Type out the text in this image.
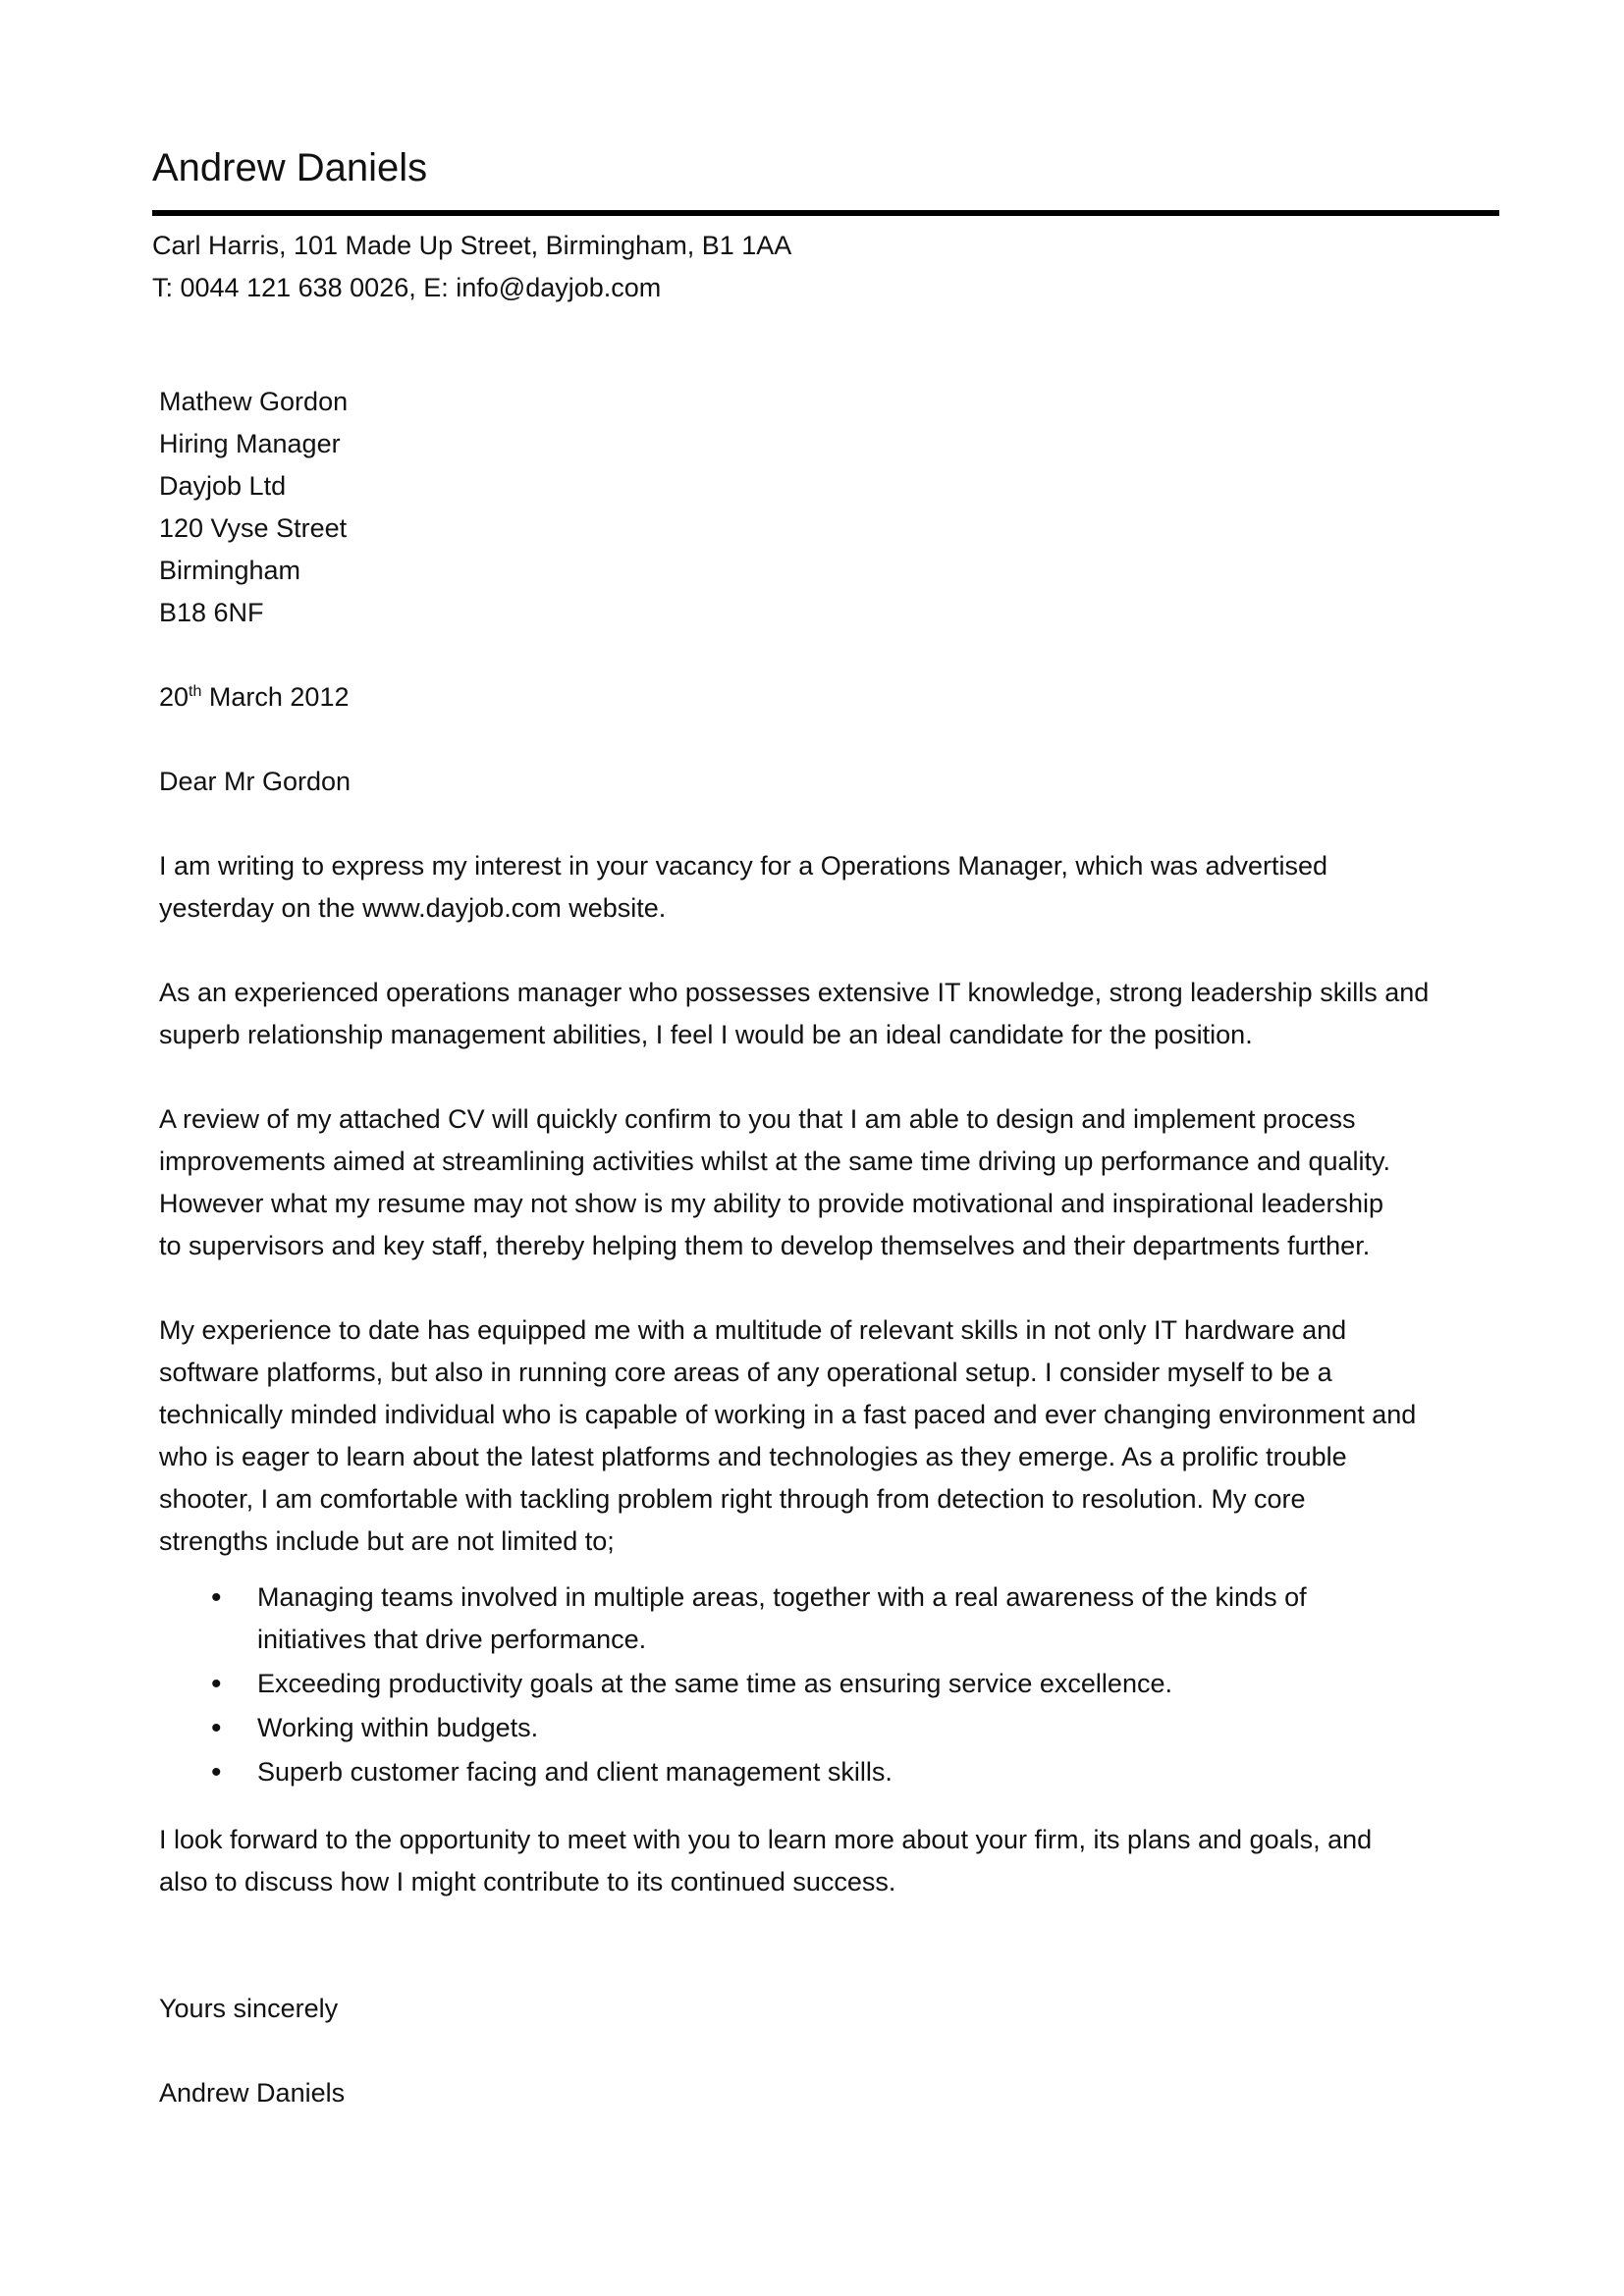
Andrew Daniels
Carl Harris, 101 Made Up Street, Birmingham, B1 1AA
T: 0044 121 638 0026, E: info@dayjob.com
Mathew Gordon
Hiring Manager
Dayjob Ltd
120 Vyse Street
Birmingham
B18 6NF

20th March 2012

Dear Mr Gordon

I am writing to express my interest in your vacancy for a Operations Manager, which was advertised

yesterday on the www.dayjob.com website.

As an experienced operations manager who possesses extensive IT knowledge, strong leadership skills and

superb relationship management abilities, I feel I would be an ideal candidate for the position.

A review of my attached CV will quickly confirm to you that I am able to design and implement process

improvements aimed at streamlining activities whilst at the same time driving up performance and quality.

However what my resume may not show is my ability to provide motivational and inspirational leadership

to supervisors and key staff, thereby helping them to develop themselves and their departments further.

My experience to date has equipped me with a multitude of relevant skills in not only IT hardware and

software platforms, but also in running core areas of any operational setup. I consider myself to be a

technically minded individual who is capable of working in a fast paced and ever changing environment and

who is eager to learn about the latest platforms and technologies as they emerge. As a prolific trouble

shooter, I am comfortable with tackling problem right through from detection to resolution. My core

strengths include but are not limited to;

• Managing teams involved in multiple areas, together with a real awareness of the kinds of
initiatives that drive performance.
• Exceeding productivity goals at the same time as ensuring service excellence.
• Working within budgets.
• Superb customer facing and client management skills.

I look forward to the opportunity to meet with you to learn more about your firm, its plans and goals, and

also to discuss how I might contribute to its continued success.

Yours sincerely

Andrew Daniels
